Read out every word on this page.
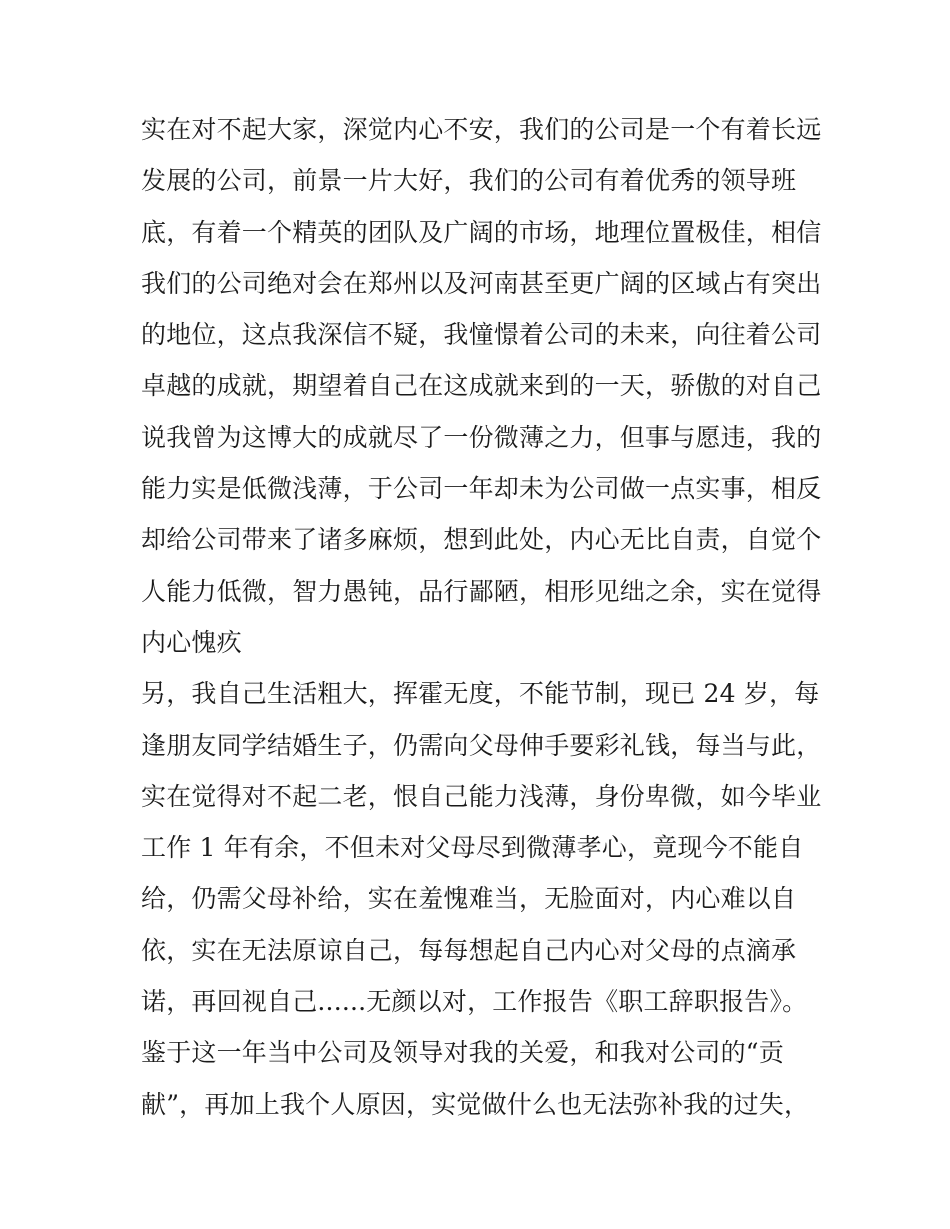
实在对不起大家，深觉内心不安，我们的公司是一个有着长远
发展的公司，前景一片大好，我们的公司有着优秀的领导班
底，有着一个精英的团队及广阔的市场，地理位置极佳，相信
我们的公司绝对会在郑州以及河南甚至更广阔的区域占有突出
的地位，这点我深信不疑，我憧憬着公司的未来，向往着公司
卓越的成就，期望着自己在这成就来到的一天，骄傲的对自己
说我曾为这博大的成就尽了一份微薄之力，但事与愿违，我的
能力实是低微浅薄，于公司一年却未为公司做一点实事，相反
却给公司带来了诸多麻烦，想到此处，内心无比自责，自觉个
人能力低微，智力愚钝，品行鄙陋，相形见绌之余，实在觉得
内心愧疚
另，我自己生活粗大，挥霍无度，不能节制，现已 24 岁，每
逢朋友同学结婚生子，仍需向父母伸手要彩礼钱，每当与此，
实在觉得对不起二老，恨自己能力浅薄，身份卑微，如今毕业
工作 1 年有余，不但未对父母尽到微薄孝心，竟现今不能自
给，仍需父母补给，实在羞愧难当，无脸面对，内心难以自
依，实在无法原谅自己，每每想起自己内心对父母的点滴承
诺，再回视自己......无颜以对，工作报告《职工辞职报告》。
鉴于这一年当中公司及领导对我的关爱，和我对公司的“贡
献”，再加上我个人原因，实觉做什么也无法弥补我的过失，
